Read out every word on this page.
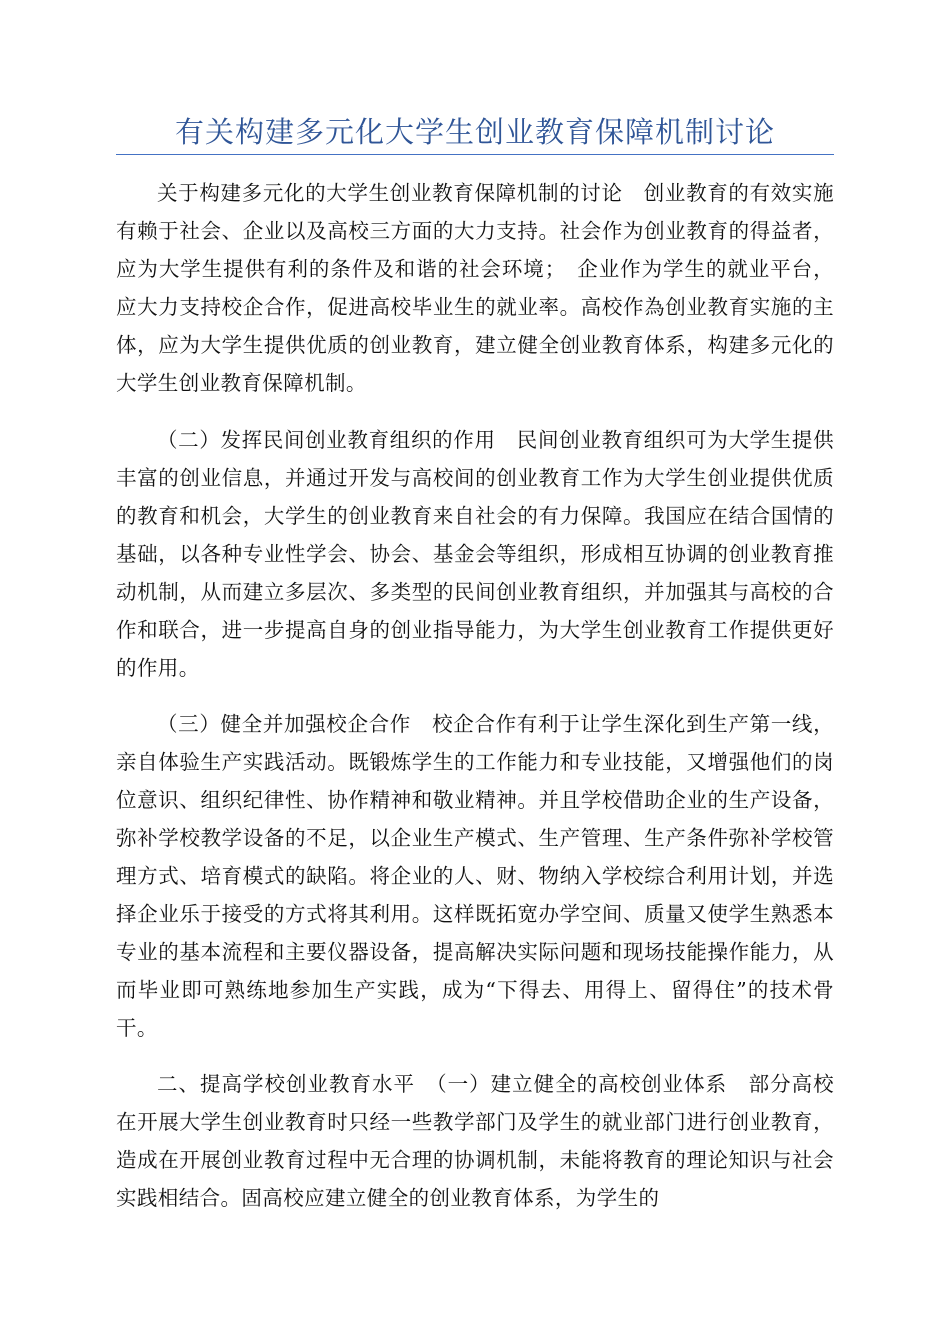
有关构建多元化大学生创业教育保障机制讨论

关于构建多元化的大学生创业教育保障机制的讨论　创业教育的有效实施有赖于社会、企业以及高校三方面的大力支持。社会作为创业教育的得益者，应为大学生提供有利的条件及和谐的社会环境；　企业作为学生的就业平台，应大力支持校企合作，促进高校毕业生的就业率。高校作為创业教育实施的主体，应为大学生提供优质的创业教育，建立健全创业教育体系，构建多元化的大学生创业教育保障机制。

（二）发挥民间创业教育组织的作用　民间创业教育组织可为大学生提供丰富的创业信息，并通过开发与高校间的创业教育工作为大学生创业提供优质的教育和机会，大学生的创业教育来自社会的有力保障。我国应在结合国情的基础，以各种专业性学会、协会、基金会等组织，形成相互协调的创业教育推动机制，从而建立多层次、多类型的民间创业教育组织，并加强其与高校的合作和联合，进一步提高自身的创业指导能力，为大学生创业教育工作提供更好的作用。

（三）健全并加强校企合作　校企合作有利于让学生深化到生产第一线，亲自体验生产实践活动。既锻炼学生的工作能力和专业技能，又增强他们的岗位意识、组织纪律性、协作精神和敬业精神。并且学校借助企业的生产设备，弥补学校教学设备的不足，以企业生产模式、生产管理、生产条件弥补学校管理方式、培育模式的缺陷。将企业的人、财、物纳入学校综合利用计划，并选择企业乐于接受的方式将其利用。这样既拓宽办学空间、质量又使学生熟悉本专业的基本流程和主要仪器设备，提高解决实际问题和现场技能操作能力，从而毕业即可熟练地参加生产实践，成为“下得去、用得上、留得住”的技术骨干。

二、提高学校创业教育水平　（一）建立健全的高校创业体系　部分高校在开展大学生创业教育时只经一些教学部门及学生的就业部门进行创业教育，造成在开展创业教育过程中无合理的协调机制，未能将教育的理论知识与社会实践相结合。固高校应建立健全的创业教育体系，为学生的
